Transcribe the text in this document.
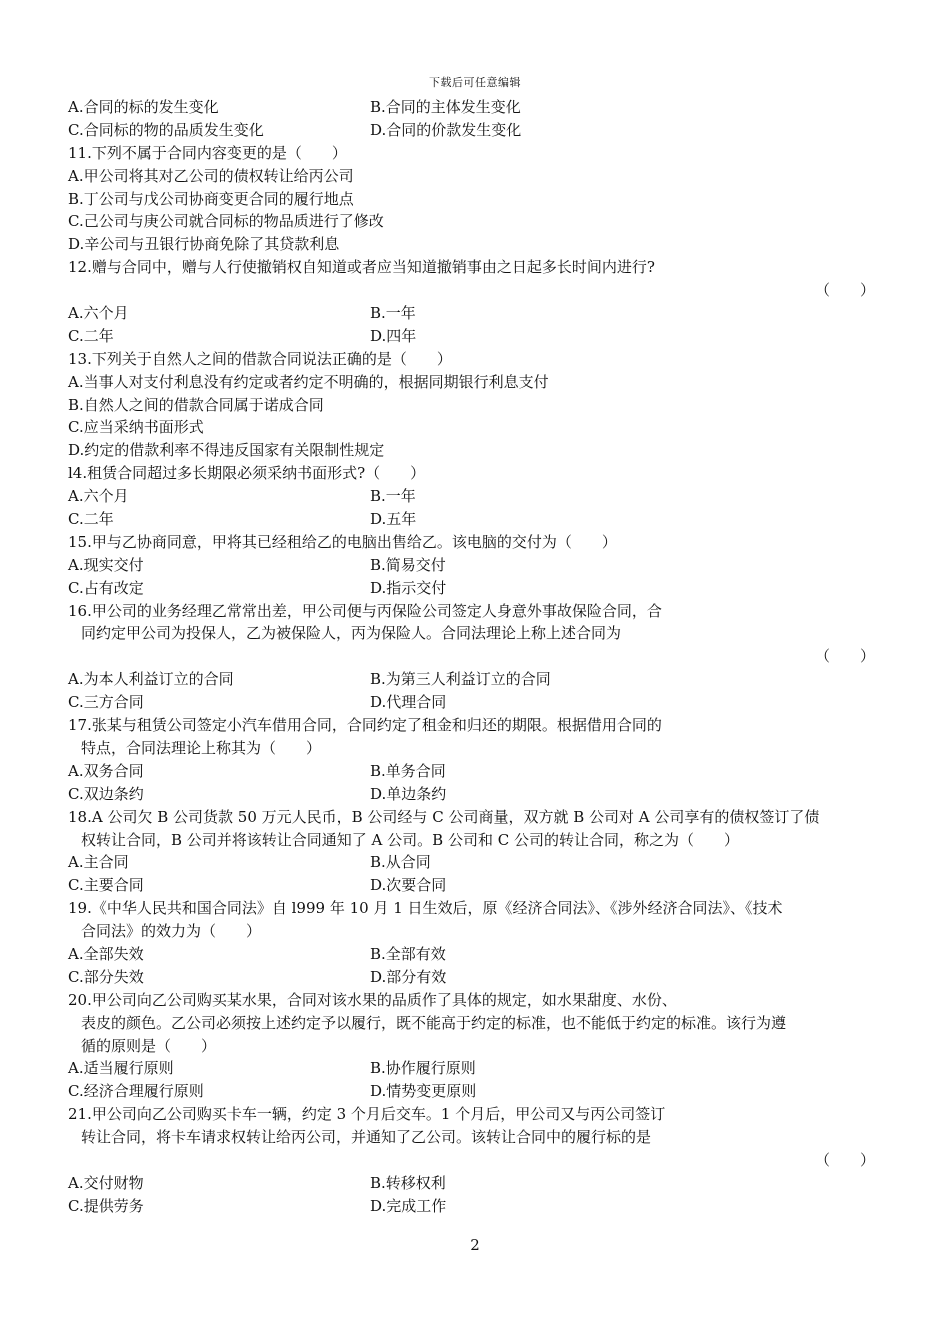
下载后可任意编辑
A.合同的标的发生变化	B.合同的主体发生变化
C.合同标的物的品质发生变化	D.合同的价款发生变化
11.下列不属于合同内容变更的是（　　）
A.甲公司将其对乙公司的债权转让给丙公司
B.丁公司与戊公司协商变更合同的履行地点
C.己公司与庚公司就合同标的物品质进行了修改
D.辛公司与丑银行协商免除了其贷款利息
12.赠与合同中，赠与人行使撤销权自知道或者应当知道撤销事由之日起多长时间内进行?
（　　）
A.六个月	B.一年
C.二年	D.四年
13.下列关于自然人之间的借款合同说法正确的是（　　）
A.当事人对支付利息没有约定或者约定不明确的，根据同期银行利息支付
B.自然人之间的借款合同属于诺成合同
C.应当采纳书面形式
D.约定的借款利率不得违反国家有关限制性规定
l4.租赁合同超过多长期限必须采纳书面形式?（　　）
A.六个月	B.一年
C.二年	D.五年
15.甲与乙协商同意，甲将其已经租给乙的电脑出售给乙。该电脑的交付为（　　）
A.现实交付	B.简易交付
C.占有改定	D.指示交付
16.甲公司的业务经理乙常常出差，甲公司便与丙保险公司签定人身意外事故保险合同，合
同约定甲公司为投保人，乙为被保险人，丙为保险人。合同法理论上称上述合同为
（　　）
A.为本人利益订立的合同	B.为第三人利益订立的合同
C.三方合同	D.代理合同
17.张某与租赁公司签定小汽车借用合同，合同约定了租金和归还的期限。根据借用合同的
特点，合同法理论上称其为（　　）
A.双务合同	B.单务合同
C.双边条约	D.单边条约
18.A 公司欠 B 公司货款 50 万元人民币，B 公司经与 C 公司商量，双方就 B 公司对 A 公司享有的债权签订了债
权转让合同，B 公司并将该转让合同通知了 A 公司。B 公司和 C 公司的转让合同，称之为（　　）
A.主合同	B.从合同
C.主要合同	D.次要合同
19.《中华人民共和国合同法》自 l999 年 10 月 1 日生效后，原《经济合同法》、《涉外经济合同法》、《技术
合同法》的效力为（　　）
A.全部失效	B.全部有效
C.部分失效	D.部分有效
20.甲公司向乙公司购买某水果，合同对该水果的品质作了具体的规定，如水果甜度、水份、
表皮的颜色。乙公司必须按上述约定予以履行，既不能高于约定的标准，也不能低于约定的标准。该行为遵
循的原则是（　　）
A.适当履行原则	B.协作履行原则
C.经济合理履行原则	D.情势变更原则
21.甲公司向乙公司购买卡车一辆，约定 3 个月后交车。1 个月后，甲公司又与丙公司签订
转让合同，将卡车请求权转让给丙公司，并通知了乙公司。该转让合同中的履行标的是
（　　）
A.交付财物	B.转移权利
C.提供劳务	D.完成工作
2
